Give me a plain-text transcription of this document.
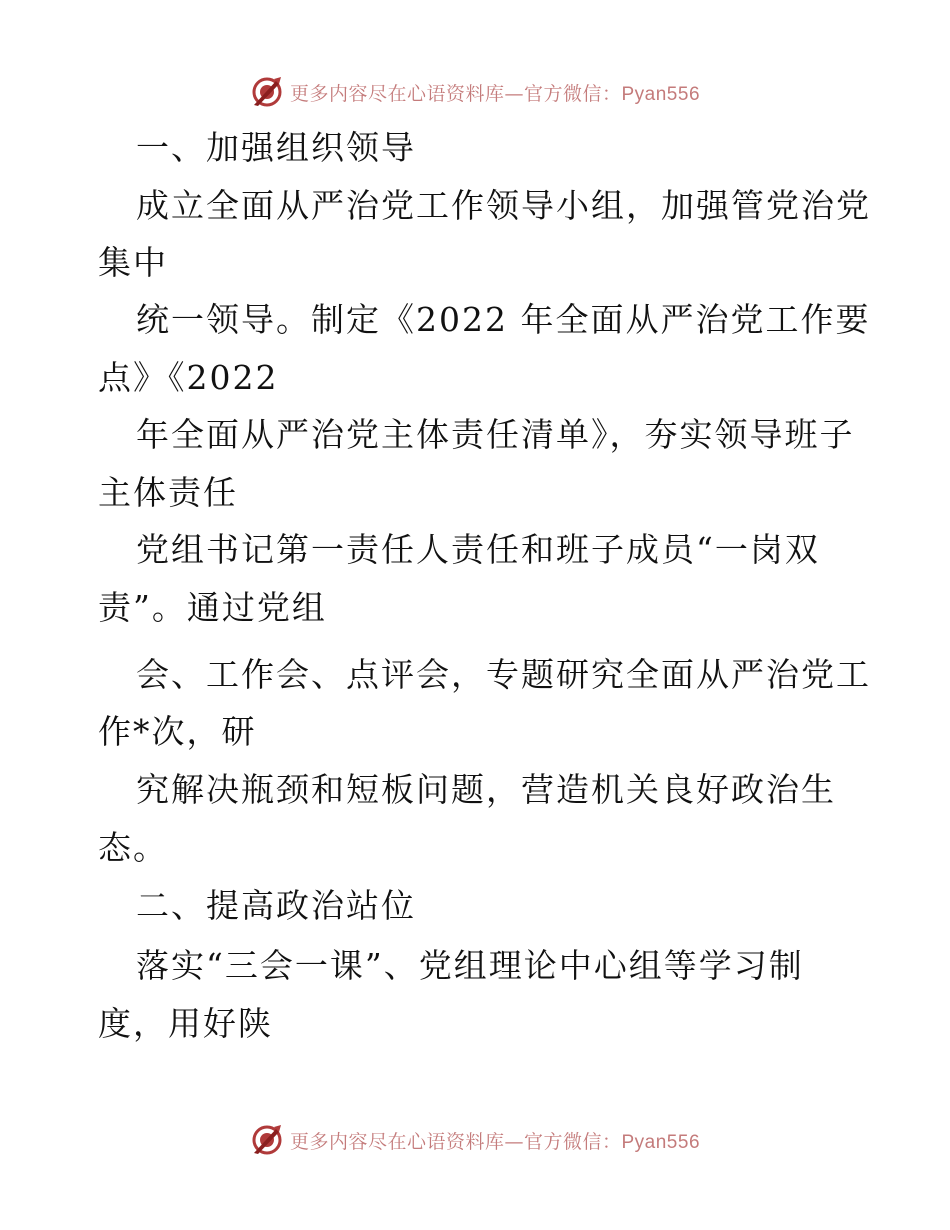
更多内容尽在心语资料库—官方微信：Pyan556
一、加强组织领导
成立全面从严治党工作领导小组，加强管党治党
集中
统一领导。制定《2022 年全面从严治党工作要
点》《2022
年全面从严治党主体责任清单》，夯实领导班子
主体责任
党组书记第一责任人责任和班子成员“一岗双
责”。通过党组
会、工作会、点评会，专题研究全面从严治党工
作*次，研
究解决瓶颈和短板问题，营造机关良好政治生
态。
二、提高政治站位
落实“三会一课”、党组理论中心组等学习制
度，用好陕
更多内容尽在心语资料库—官方微信：Pyan556
